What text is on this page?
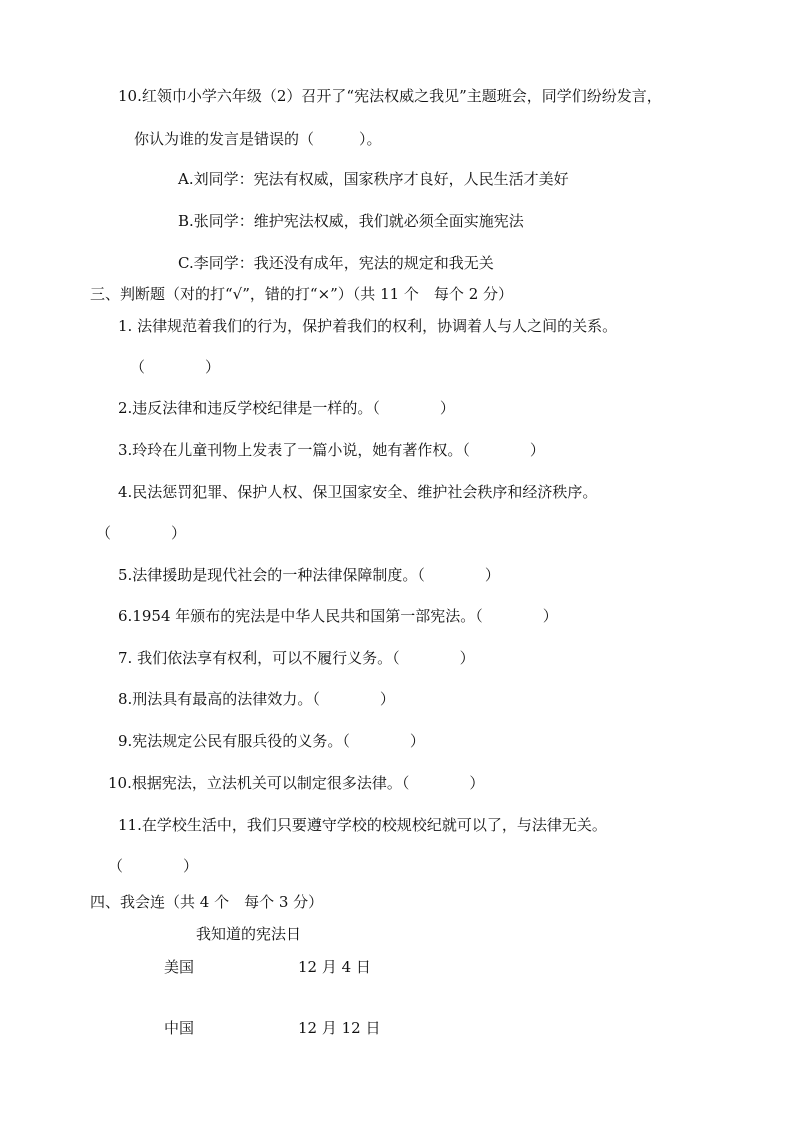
10.红领巾小学六年级（2）召开了“宪法权威之我见”主题班会，同学们纷纷发言，
你认为谁的发言是错误的（　　　）。
A.刘同学：宪法有权威，国家秩序才良好，人民生活才美好
B.张同学：维护宪法权威，我们就必须全面实施宪法
C.李同学：我还没有成年，宪法的规定和我无关
三、判断题（对的打“√”，错的打“×”）（共 11 个　每个 2 分）
1. 法律规范着我们的行为，保护着我们的权利，协调着人与人之间的关系。
（　　　　）
2.违反法律和违反学校纪律是一样的。（　　　　）
3.玲玲在儿童刊物上发表了一篇小说，她有著作权。（　　　　）
4.民法惩罚犯罪、保护人权、保卫国家安全、维护社会秩序和经济秩序。
（　　　　）
5.法律援助是现代社会的一种法律保障制度。（　　　　）
6.1954 年颁布的宪法是中华人民共和国第一部宪法。（　　　　）
7. 我们依法享有权利，可以不履行义务。（　　　　）
8.刑法具有最高的法律效力。（　　　　）
9.宪法规定公民有服兵役的义务。（　　　　）
10.根据宪法，立法机关可以制定很多法律。（　　　　）
11.在学校生活中，我们只要遵守学校的校规校纪就可以了，与法律无关。
（　　　　）
四、我会连（共 4 个　每个 3 分）
我知道的宪法日
美国	12 月 4 日
中国	12 月 12 日
